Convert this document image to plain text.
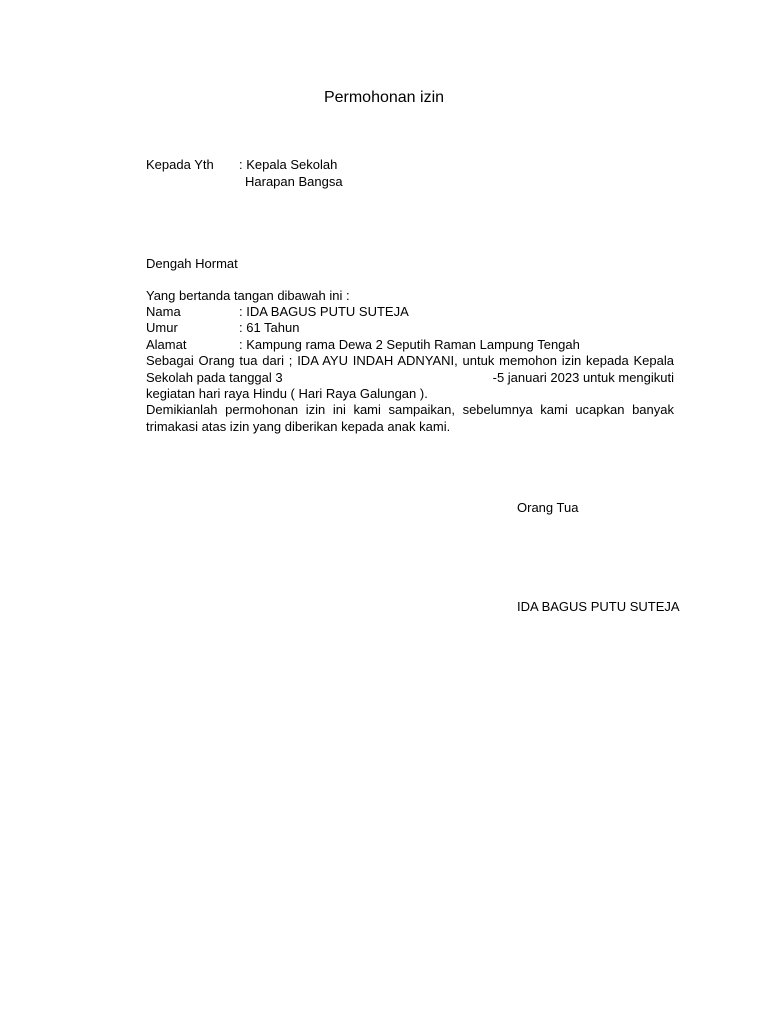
Permohonan izin
Kepada Yth : Kepala Sekolah
Harapan Bangsa
Dengah Hormat
Yang bertanda tangan dibawah ini :
Nama	: IDA BAGUS PUTU SUTEJA
Umur	: 61 Tahun
Alamat	: Kampung rama Dewa 2 Seputih Raman Lampung Tengah
Sebagai Orang tua dari ; IDA AYU INDAH ADNYANI, untuk memohon izin kepada Kepala
Sekolah pada tanggal 3	-5 januari 2023 untuk mengikuti
kegiatan hari raya Hindu ( Hari Raya Galungan ).
Demikianlah permohonan izin ini kami sampaikan, sebelumnya kami ucapkan banyak
trimakasi atas izin yang diberikan kepada anak kami.
Orang Tua
IDA BAGUS PUTU SUTEJA
